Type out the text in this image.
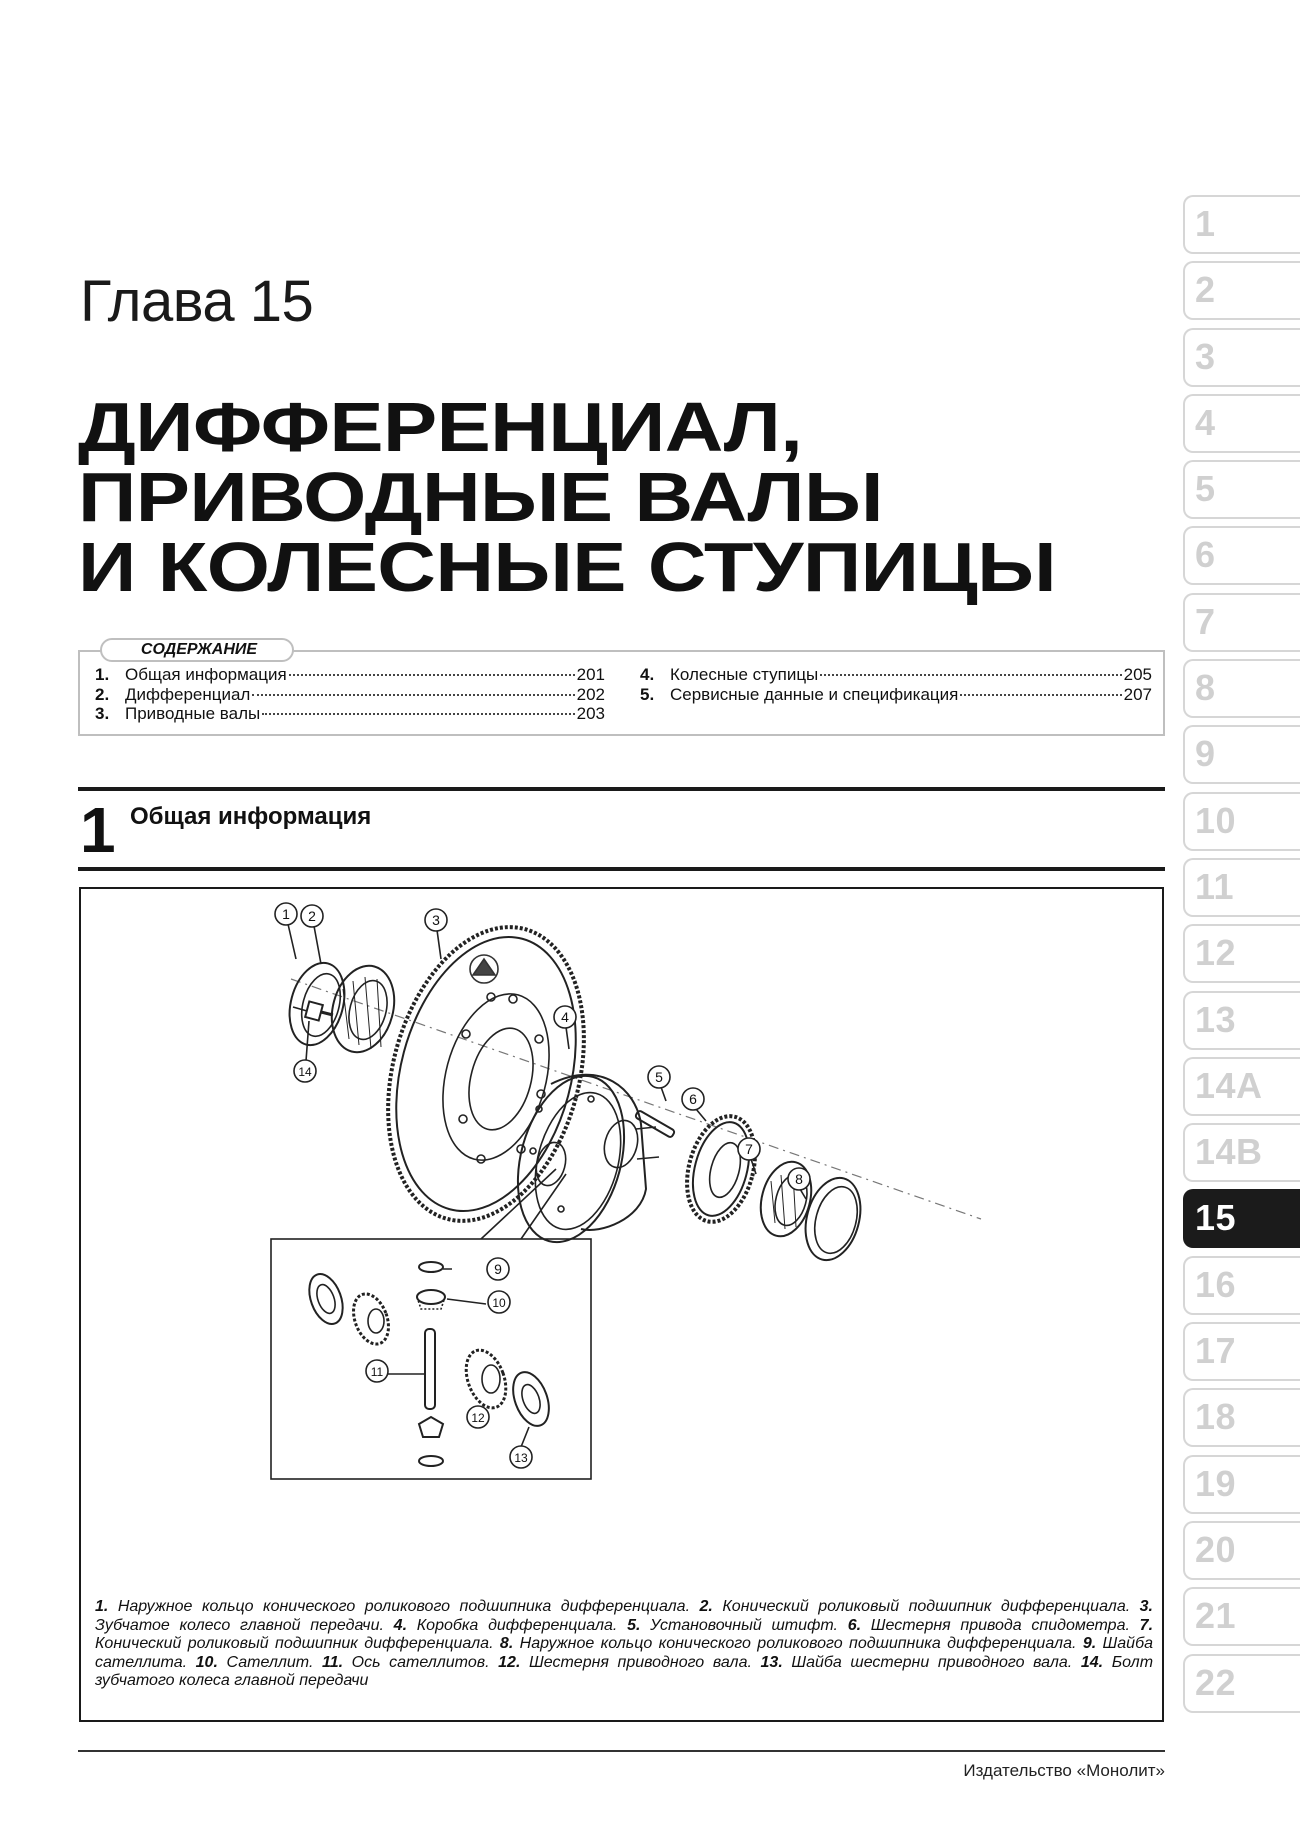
Глава 15
ДИФФЕРЕНЦИАЛ,
ПРИВОДНЫЕ ВАЛЫ
И КОЛЕСНЫЕ СТУПИЦЫ
СОДЕРЖАНИЕ
1. Общая информация	201
2. Дифференциал	202
3. Приводные валы	203
4. Колесные ступицы	205
5. Сервисные данные и спецификация	207
1 Общая информация
1 2	3
4
5
6
7
8
9
10
11
12
13
14
1. Наружное кольцо конического роликового подшипника дифференциала. 2. Конический роликовый подшипник дифференциала. 3. Зубчатое колесо главной передачи. 4. Коробка дифференциала. 5. Установочный штифт. 6. Шестерня привода спидометра. 7. Конический роликовый подшипник дифференциала. 8. Наружное кольцо конического роликового подшипника дифференциала. 9. Шайба сателлита. 10. Сателлит. 11. Ось сателлитов. 12. Шестерня приводного вала. 13. Шайба шестерни приводного вала. 14. Болт зубчатого колеса главной передачи
Издательство «Монолит»
1
2
3
4
5
6
7
8
9
10
11
12
13
14A
14B
15
16
17
18
19
20
21
22
